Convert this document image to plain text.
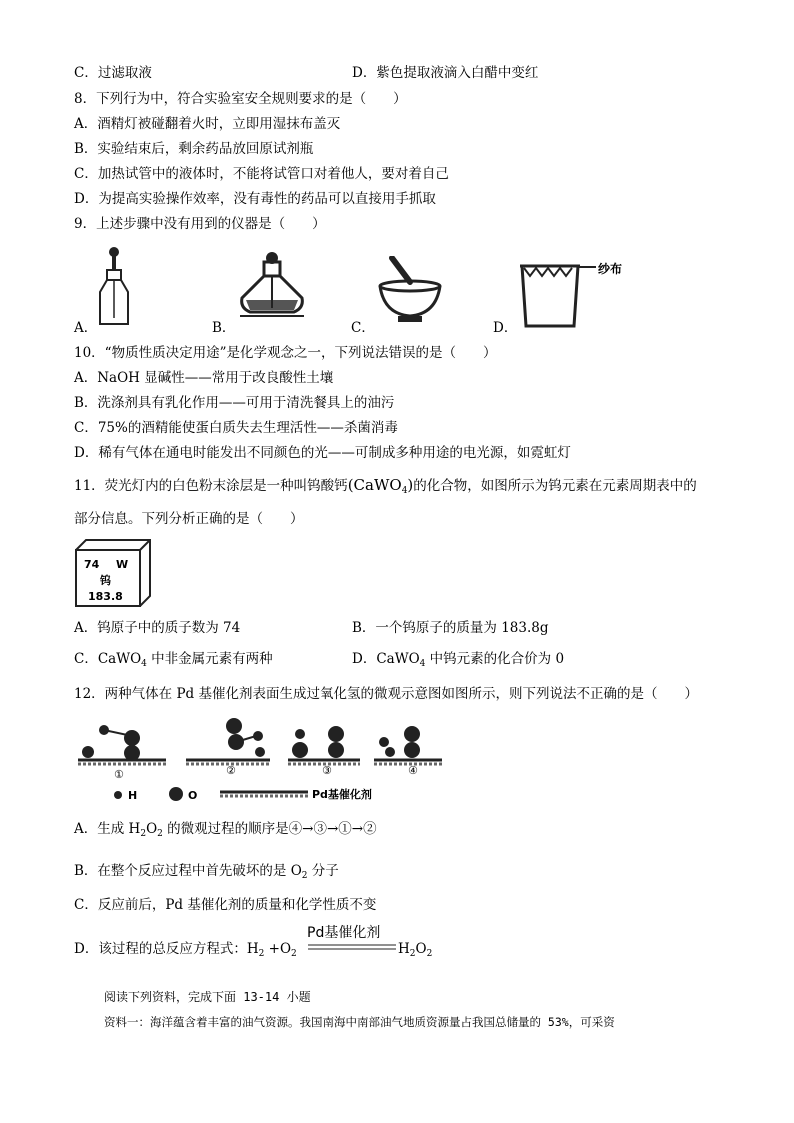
C．过滤取液	D．紫色提取液滴入白醋中变红
8．下列行为中，符合实验室安全规则要求的是（　　）
A．酒精灯被碰翻着火时，立即用湿抹布盖灭
B．实验结束后，剩余药品放回原试剂瓶
C．加热试管中的液体时，不能将试管口对着他人，要对着自己
D．为提高实验操作效率，没有毒性的药品可以直接用手抓取
9．上述步骤中没有用到的仪器是（　　）
A．	B．	C．	D．
纱布
10．“物质性质决定用途”是化学观念之一，下列说法错误的是（　　）
A．NaOH 显碱性——常用于改良酸性土壤
B．洗涤剂具有乳化作用——可用于清洗餐具上的油污
C．75%的酒精能使蛋白质失去生理活性——杀菌消毒
D．稀有气体在通电时能发出不同颜色的光——可制成多种用途的电光源，如霓虹灯
11．荧光灯内的白色粉末涂层是一种叫钨酸钙(CaWO$_4$)的化合物，如图所示为钨元素在元素周期表中的
部分信息。下列分析正确的是（　　）
74 W
钨
183.8
A．钨原子中的质子数为 74	B．一个钨原子的质量为 183.8g
C．CaWO$_4$ 中非金属元素有两种	D．CaWO$_4$ 中钨元素的化合价为 0
12．两种气体在 Pd 基催化剂表面生成过氧化氢的微观示意图如图所示，则下列说法不正确的是（　　）
①	②	③	④
H	O	Pd基催化剂
A．生成 $H_2O_2$ 的微观过程的顺序是④→③→①→②
B．在整个反应过程中首先破坏的是 $O_2$ 分子
C．反应前后，Pd 基催化剂的质量和化学性质不变
D．该过程的总反应方程式：$H_2 +O_2$
Pd基催化剂
$H_2O_2$
阅读下列资料，完成下面 13-14 小题
资料一：海洋蕴含着丰富的油气资源。我国南海中南部油气地质资源量占我国总储量的 53%，可采资
